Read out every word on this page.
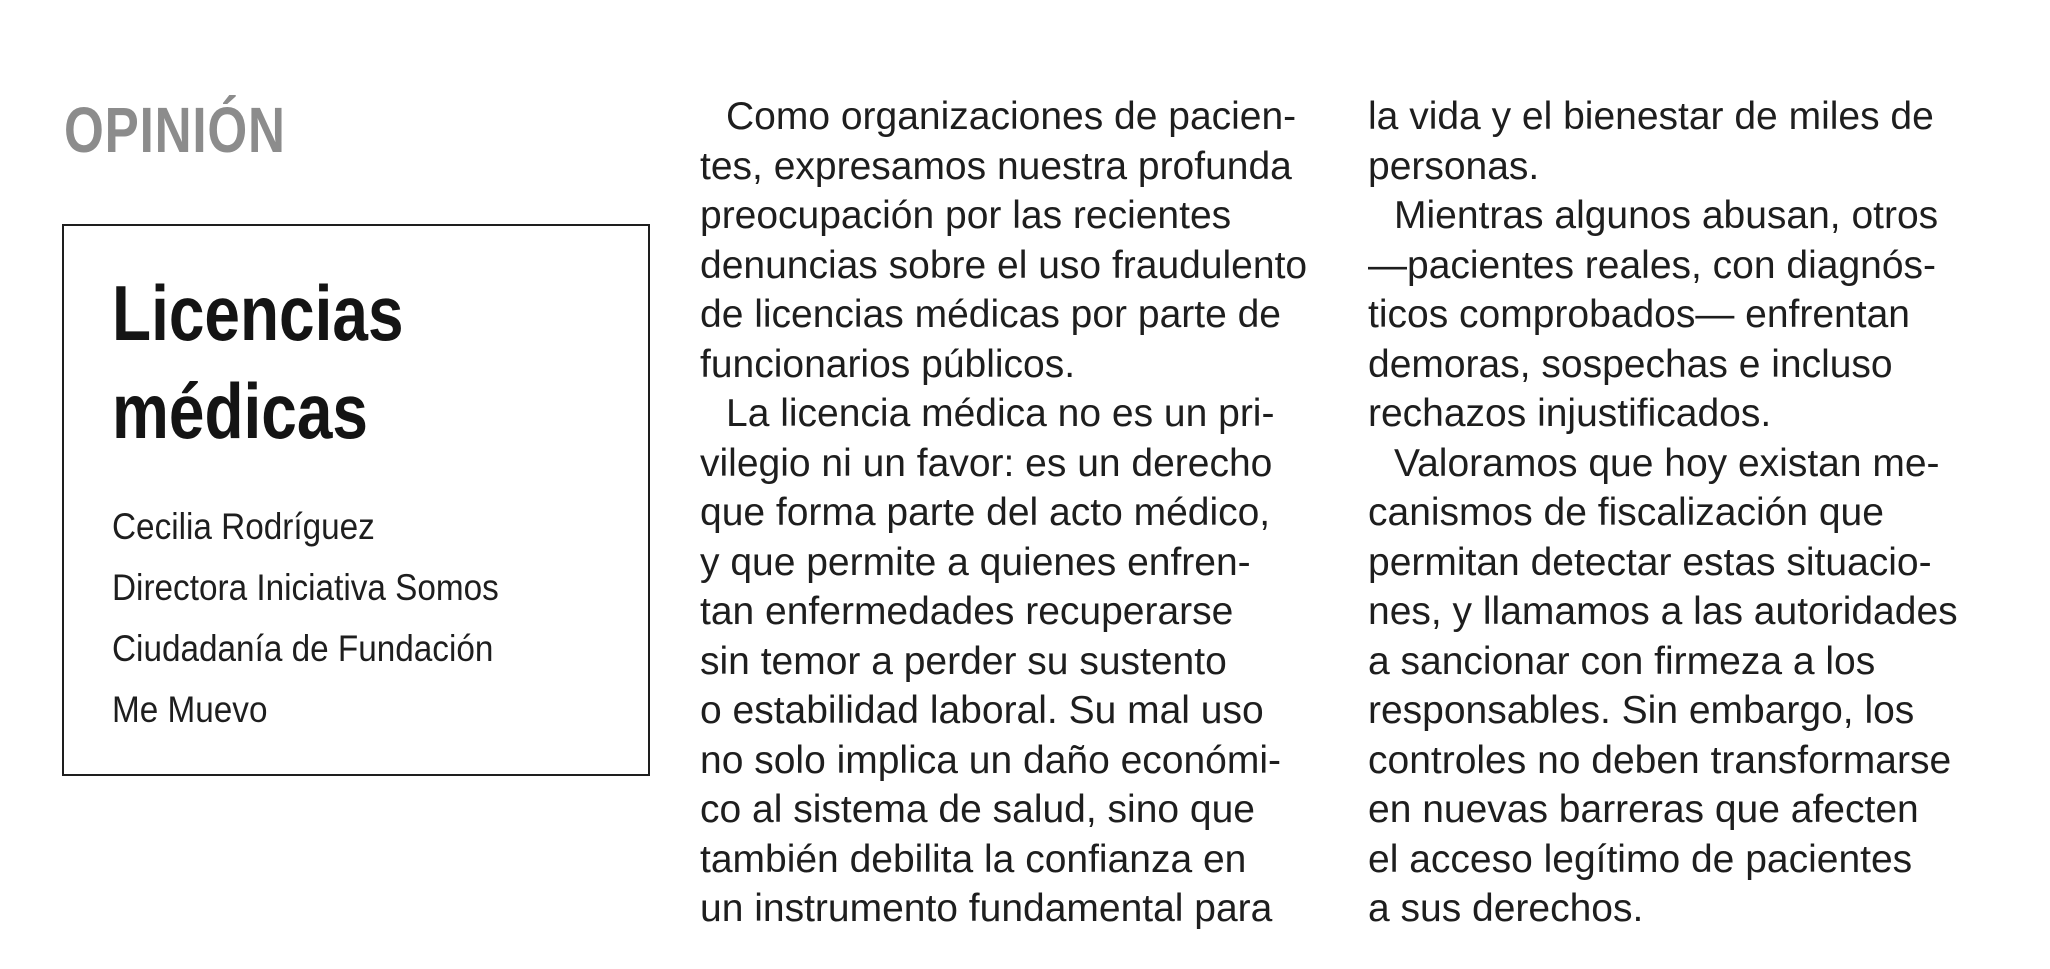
OPINIÓN
Licencias
médicas
Cecilia Rodríguez
Directora Iniciativa Somos
Ciudadanía de Fundación
Me Muevo
Como organizaciones de pacien-
tes, expresamos nuestra profunda
preocupación por las recientes
denuncias sobre el uso fraudulento
de licencias médicas por parte de
funcionarios públicos.
La licencia médica no es un pri-
vilegio ni un favor: es un derecho
que forma parte del acto médico,
y que permite a quienes enfren-
tan enfermedades recuperarse
sin temor a perder su sustento
o estabilidad laboral. Su mal uso
no solo implica un daño económi-
co al sistema de salud, sino que
también debilita la confianza en
un instrumento fundamental para
la vida y el bienestar de miles de
personas.
Mientras algunos abusan, otros
—pacientes reales, con diagnós-
ticos comprobados— enfrentan
demoras, sospechas e incluso
rechazos injustificados.
Valoramos que hoy existan me-
canismos de fiscalización que
permitan detectar estas situacio-
nes, y llamamos a las autoridades
a sancionar con firmeza a los
responsables. Sin embargo, los
controles no deben transformarse
en nuevas barreras que afecten
el acceso legítimo de pacientes
a sus derechos.
